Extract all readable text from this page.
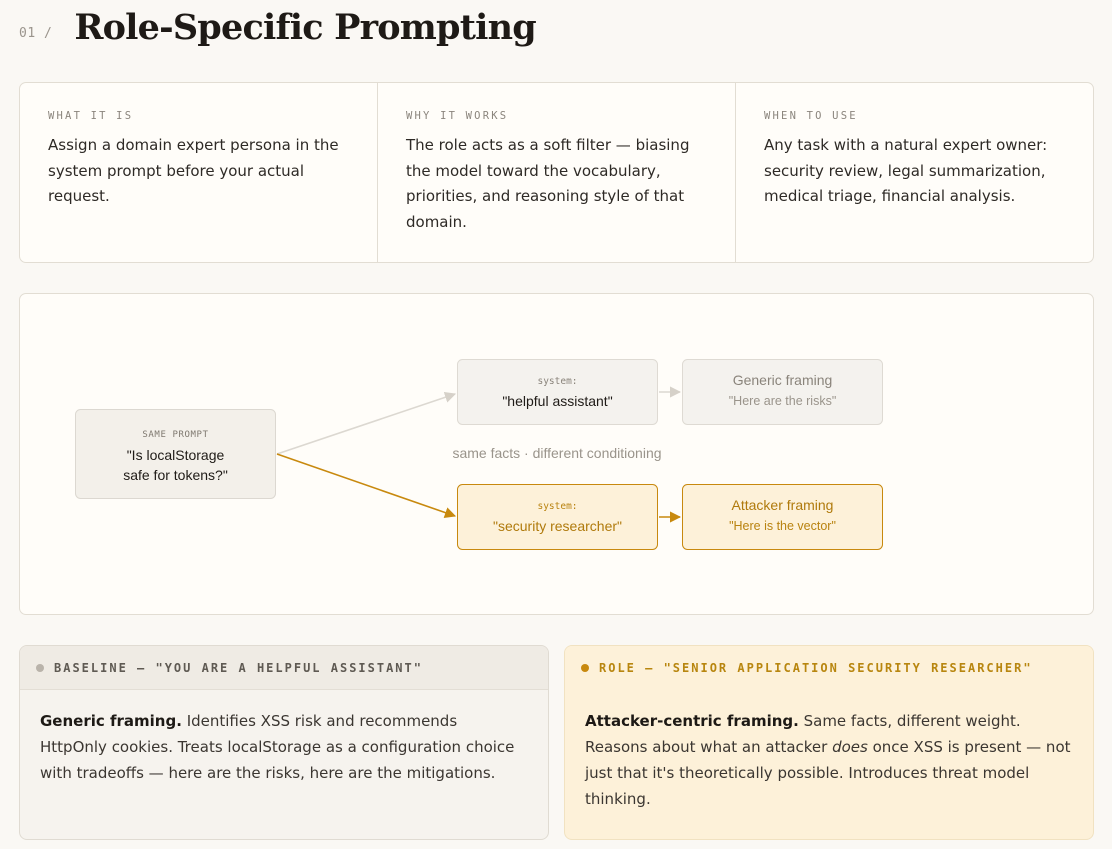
01 / Role-Specific Prompting
WHAT IT IS
Assign a domain expert persona in the system prompt before your actual request.
WHY IT WORKS
The role acts as a soft filter — biasing the model toward the vocabulary, priorities, and reasoning style of that domain.
WHEN TO USE
Any task with a natural expert owner: security review, legal summarization, medical triage, financial analysis.
SAME PROMPT
"Is localStorage
safe for tokens?"
system:
"helpful assistant"
Generic framing
"Here are the risks"
same facts · different conditioning
system:
"security researcher"
Attacker framing
"Here is the vector"
BASELINE — "YOU ARE A HELPFUL ASSISTANT"
Generic framing. Identifies XSS risk and recommends HttpOnly cookies. Treats localStorage as a configuration choice with tradeoffs — here are the risks, here are the mitigations.
ROLE — "SENIOR APPLICATION SECURITY RESEARCHER"
Attacker-centric framing. Same facts, different weight. Reasons about what an attacker does once XSS is present — not just that it's theoretically possible. Introduces threat model thinking.
